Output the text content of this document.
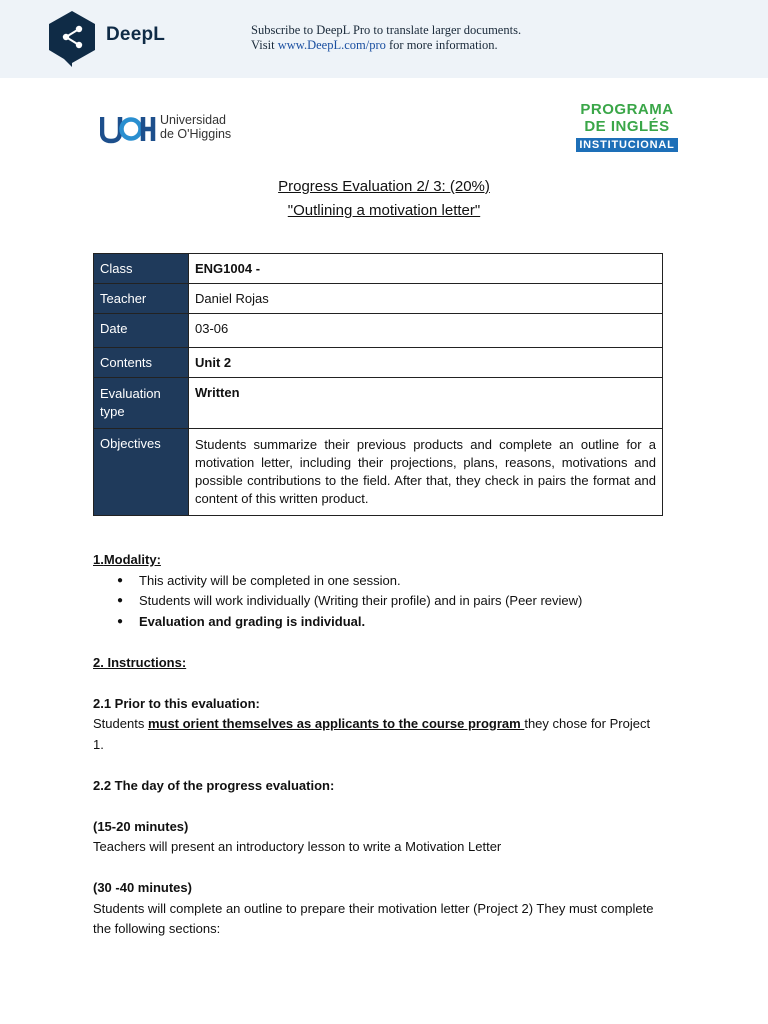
DeepL	Subscribe to DeepL Pro to translate larger documents.
Visit www.DeepL.com/pro for more information.
Universidad
de O'Higgins
PROGRAMA
DE INGLÉS
INSTITUCIONAL
Progress Evaluation 2/ 3: (20%)
"Outlining a motivation letter"
Class	ENG1004 -
Teacher	Daniel Rojas
Date	03-06
Contents	Unit 2
Evaluation type	Written
Objectives	Students summarize their previous products and complete an outline for a motivation letter, including their projections, plans, reasons, motivations and possible contributions to the field. After that, they check in pairs the format and content of this written product.

1.Modality:

● This activity will be completed in one session.
● Students will work individually (Writing their profile) and in pairs (Peer review)
● Evaluation and grading is individual.

2. Instructions:

2.1 Prior to this evaluation:

Students must orient themselves as applicants to the course program they chose for Project 1.

2.2 The day of the progress evaluation:

(15-20 minutes)

Teachers will present an introductory lesson to write a Motivation Letter

(30 -40 minutes)

Students will complete an outline to prepare their motivation letter (Project 2) They must complete the following sections:
